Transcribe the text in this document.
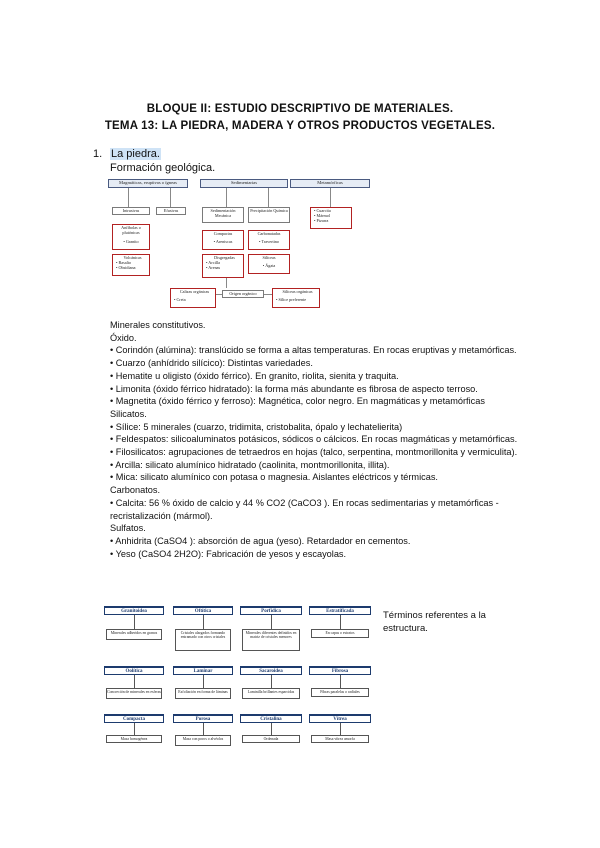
BLOQUE II: ESTUDIO DESCRIPTIVO DE MATERIALES.
TEMA 13: LA PIEDRA, MADERA Y OTROS PRODUCTOS VEGETALES.
1. La piedra.
Formación geológica.
Magmáticas, eruptivas o ígneas	Sedimentarias	Metamórficas
Intrusivas	Efusivas	Sedimentación Mecánica
Precipitación Química	• Cuarcita
• Mármol
• Pizarra
Anfíbolas o plutónicas
• Granito
Volcánicas
• Basalto
• Obsidiana
Compactas
• Areniscas
Disgregadas
• Arcilla
• Arenas
Carbonatadas
• Travertino
Silíceas
• Ágata
Calizas orgánicas
• Creta
Origen orgánico	Silíceas orgánicas
• Sílice preferente

Minerales constitutivos.

Óxido.

• Corindón (alúmina): translúcido se forma a altas temperaturas. En rocas eruptivas y metamórficas.

• Cuarzo (anhídrido silícico): Distintas variedades.

• Hematite u oligisto (óxido férrico). En granito, riolita, sienita y traquita.

• Limonita (óxido férrico hidratado): la forma más abundante es fibrosa de aspecto terroso.

• Magnetita (óxido férrico y ferroso): Magnética, color negro. En magmáticas y metamórficas

Silicatos.

• Sílice: 5 minerales (cuarzo, tridimita, cristobalita, ópalo y lechatelierita)

• Feldespatos: silicoaluminatos potásicos, sódicos o cálcicos. En rocas magmáticas y metamórficas.

• Filosilicatos: agrupaciones de tetraedros en hojas (talco, serpentina, montmorillonita y vermiculita).

• Arcilla: silicato alumínico hidratado (caolinita, montmorillonita, illita).

• Mica: silicato alumínico con potasa o magnesia. Aislantes eléctricos y térmicas.

Carbonatos.

• Calcita: 56 % óxido de calcio y 44 % CO2 (CaCO3 ). En rocas sedimentarias y metamórficas - recristalización (mármol).

Sulfatos.

• Anhidrita (CaSO4 ): absorción de agua (yeso). Retardador en cementos.

• Yeso (CaSO4 2H2O): Fabricación de yesos y escayolas.

Granitoidea
Minerales adheridos en granos
Oftítica
Cristales alargados formando entramado con otros cristales
Porfídica
Minerales diferentes definidos en matriz de cristales menores
Estratificada
En capas o estratos
Oolítica
Concreción de minerales en esferas
Laminar
Exfoliación en forma de láminas
Sacaroidea
Laminilla brillantes esparcidas
Fibrosa
Fibras paralelas o radiales
Compacta
Masa homogénea
Porosa
Masa con poros o alvéolos
Cristalina
Ordenada
Vítrea
Masa vítrea amorfa
Términos referentes a la estructura.
